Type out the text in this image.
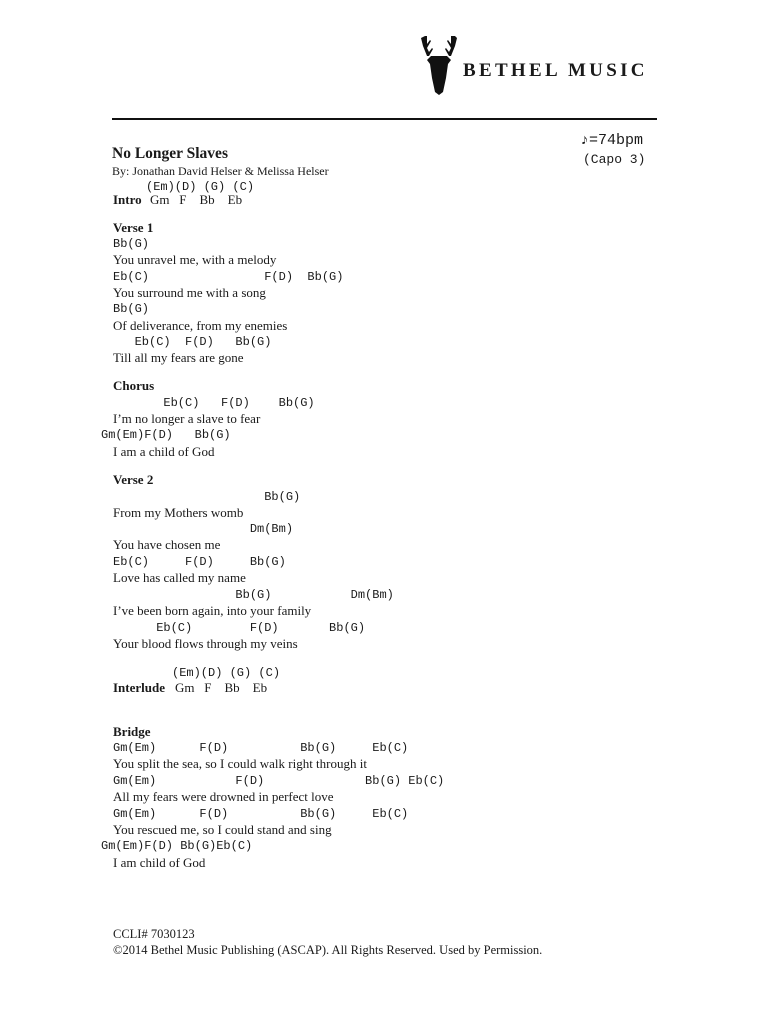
BETHEL MUSIC
No Longer Slaves
By: Jonathan David Helser & Melissa Helser
♪=74bpm
(Capo 3)
(Em)(D) (G) (C)
Intro Gm   F    Bb    Eb
Verse 1
Bb(G)
You unravel me, with a melody
Eb(C)                F(D)  Bb(G)
You surround me with a song
Bb(G)
Of deliverance, from my enemies
Eb(C)  F(D)   Bb(G)
Till all my fears are gone
Chorus
Eb(C)   F(D)    Bb(G)
I’m no longer a slave to fear
Gm(Em)F(D)   Bb(G)
I am a child of God
Verse 2
Bb(G)
From my Mothers womb
Dm(Bm)
You have chosen me
Eb(C)     F(D)     Bb(G)
Love has called my name
Bb(G)           Dm(Bm)
I’ve been born again, into your family
Eb(C)        F(D)       Bb(G)
Your blood flows through my veins
(Em)(D) (G) (C)
Interlude Gm   F    Bb    Eb
Bridge
Gm(Em)      F(D)          Bb(G)     Eb(C)
You split the sea, so I could walk right through it
Gm(Em)           F(D)              Bb(G) Eb(C)
All my fears were drowned in perfect love
Gm(Em)      F(D)          Bb(G)     Eb(C)
You rescued me, so I could stand and sing
Gm(Em)F(D) Bb(G)Eb(C)
I am child of God
CCLI# 7030123
©2014 Bethel Music Publishing (ASCAP). All Rights Reserved. Used by Permission.
